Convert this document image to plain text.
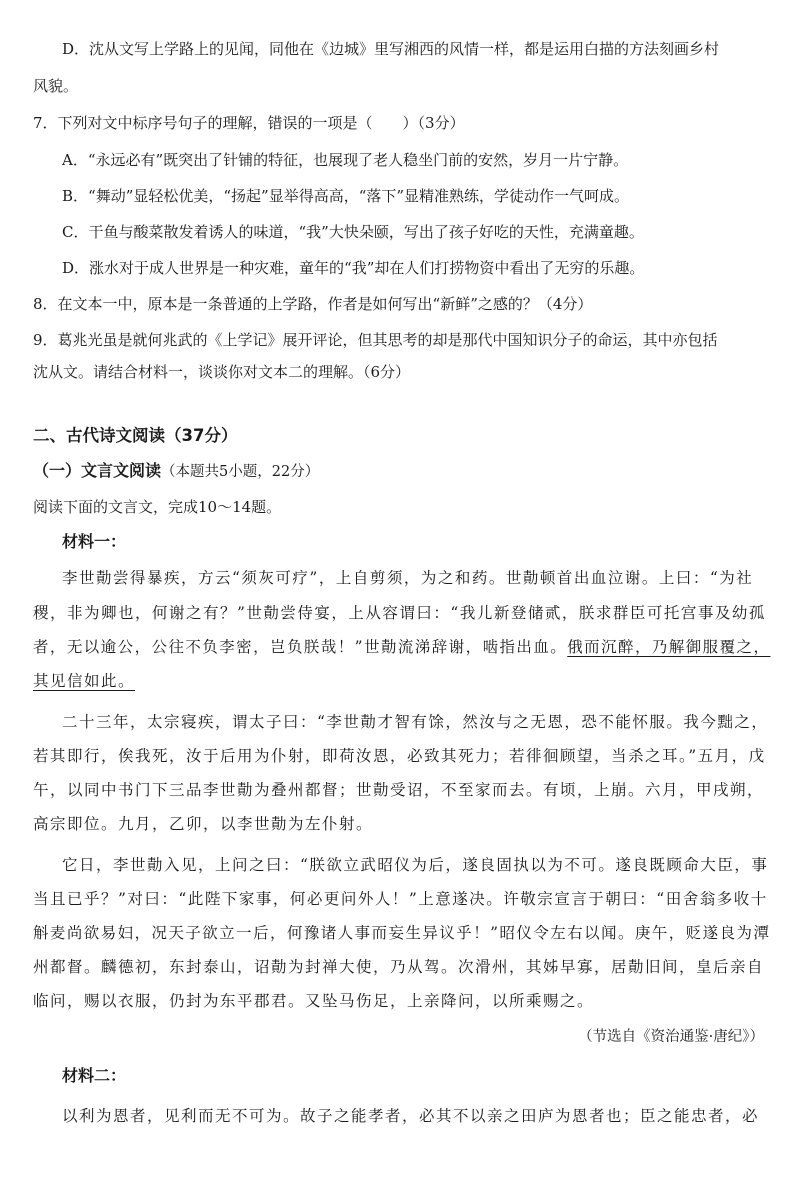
D．沈从文写上学路上的见闻，同他在《边城》里写湘西的风情一样，都是运用白描的方法刻画乡村
风貌。
7．下列对文中标序号句子的理解，错误的一项是（　　）（3分）
A．“永远必有”既突出了针铺的特征，也展现了老人稳坐门前的安然，岁月一片宁静。
B．“舞动”显轻松优美，“扬起”显举得高高，“落下”显精准熟练，学徒动作一气呵成。
C．干鱼与酸菜散发着诱人的味道，“我”大快朵颐，写出了孩子好吃的天性，充满童趣。
D．涨水对于成人世界是一种灾难，童年的“我”却在人们打捞物资中看出了无穷的乐趣。
8．在文本一中，原本是一条普通的上学路，作者是如何写出“新鲜”之感的？（4分）
9．葛兆光虽是就何兆武的《上学记》展开评论，但其思考的却是那代中国知识分子的命运，其中亦包括
沈从文。请结合材料一，谈谈你对文本二的理解。（6分）
二、古代诗文阅读（37分）
（一）文言文阅读（本题共5小题，22分）
阅读下面的文言文，完成10～14题。
材料一：
李世勣尝得暴疾，方云“须灰可疗”，上自剪须，为之和药。世勣顿首出血泣谢。上曰：“为社
稷，非为卿也，何谢之有？”世勣尝侍宴，上从容谓曰：“我儿新登储贰，朕求群臣可托宫事及幼孤
者，无以逾公，公往不负李密，岂负朕哉！”世勣流涕辞谢，啮指出血。俄而沉醉，乃解御服覆之，
其见信如此。
二十三年，太宗寝疾，谓太子曰：“李世勣才智有馀，然汝与之无恩，恐不能怀服。我今黜之，
若其即行，俟我死，汝于后用为仆射，即荷汝恩，必致其死力；若徘徊顾望，当杀之耳。”五月，戊
午，以同中书门下三品李世勣为叠州都督；世勣受诏，不至家而去。有顷，上崩。六月，甲戌朔，
高宗即位。九月，乙卯，以李世勣为左仆射。
它日，李世勣入见，上问之曰：“朕欲立武昭仪为后，遂良固执以为不可。遂良既顾命大臣，事
当且已乎？”对曰：“此陛下家事，何必更问外人！”上意遂决。许敬宗宣言于朝曰：“田舍翁多收十
斛麦尚欲易妇，况天子欲立一后，何豫诸人事而妄生异议乎！”昭仪令左右以闻。庚午，贬遂良为潭
州都督。麟德初，东封泰山，诏勣为封禅大使，乃从驾。次滑州，其姊早寡，居勣旧间，皇后亲自
临问，赐以衣服，仍封为东平郡君。又坠马伤足，上亲降问，以所乘赐之。
（节选自《资治通鉴·唐纪》）
材料二：
以利为恩者，见利而无不可为。故子之能孝者，必其不以亲之田庐为恩者也；臣之能忠者，必
